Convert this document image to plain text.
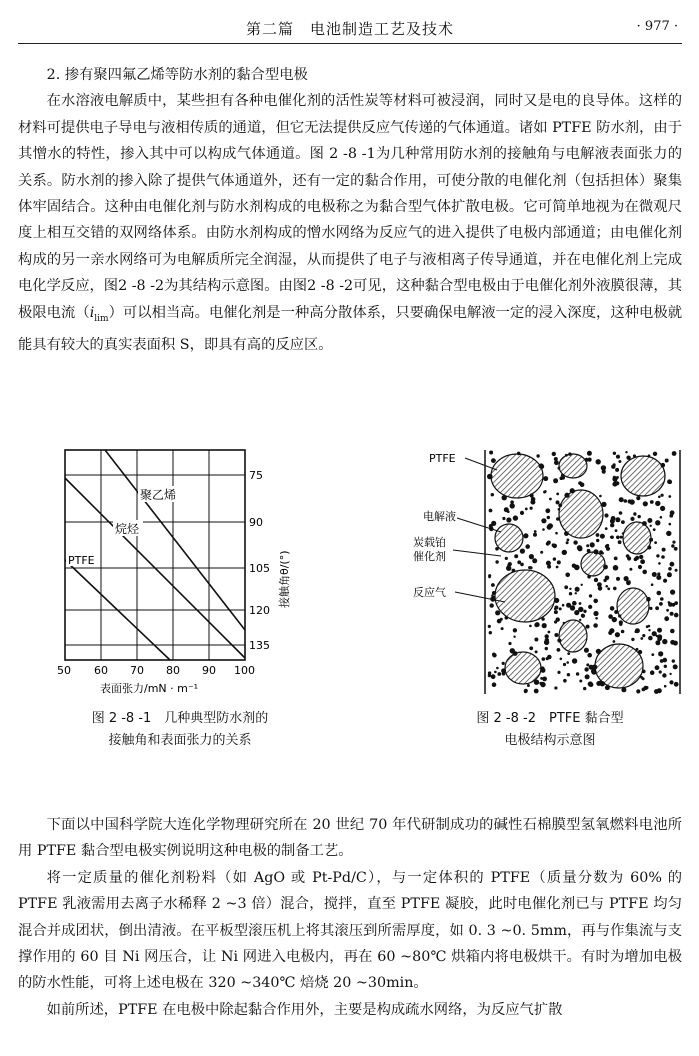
第二篇　电池制造工艺及技术	· 977 ·
2. 掺有聚四氟乙烯等防水剂的黏合型电极
在水溶液电解质中，某些担有各种电催化剂的活性炭等材料可被浸润，同时又是电的良导体。这样的材料可提供电子导电与液相传质的通道，但它无法提供反应气传递的气体通道。诸如 PTFE 防水剂，由于其憎水的特性，掺入其中可以构成气体通道。图 2 -8 -1为几种常用防水剂的接触角与电解液表面张力的关系。防水剂的掺入除了提供气体通道外，还有一定的黏合作用，可使分散的电催化剂（包括担体）聚集体牢固结合。这种由电催化剂与防水剂构成的电极称之为黏合型气体扩散电极。它可简单地视为在微观尺度上相互交错的双网络体系。由防水剂构成的憎水网络为反应气的进入提供了电极内部通道；由电催化剂构成的另一亲水网络可为电解质所完全润湿，从而提供了电子与液相离子传导通道，并在电催化剂上完成电化学反应，图2 -8 -2为其结构示意图。由图2 -8 -2可见，这种黏合型电极由于电催化剂外液膜很薄，其极限电流$(i_{lim})$可以相当高。电催化剂是一种高分散体系，只要确保电解液一定的浸入深度，这种电极就能具有较大的真实表面积 S，即具有高的反应区。
聚乙烯
烷烃
PTFE
75
90
105
120
135
接触角θ/(°)
50 60 70 80 90 100
表面张力/mN · m⁻¹
图 2 -8 -1　几种典型防水剂的
接触角和表面张力的关系
PTFE
电解液
炭载铂
催化剂
反应气
图 2 -8 -2　PTFE 黏合型
电极结构示意图
下面以中国科学院大连化学物理研究所在 20 世纪 70 年代研制成功的碱性石棉膜型氢氧燃料电池所用 PTFE 黏合型电极实例说明这种电极的制备工艺。
将一定质量的催化剂粉料（如 AgO 或 Pt-Pd/C），与一定体积的 PTFE（质量分数为 60% 的 PTFE 乳液需用去离子水稀释 2 ~3 倍）混合，搅拌，直至 PTFE 凝胶，此时电催化剂已与 PTFE 均匀混合并成团状，倒出清液。在平板型滚压机上将其滚压到所需厚度，如 0. 3 ~0. 5mm，再与作集流与支撑作用的 60 目 Ni 网压合，让 Ni 网进入电极内，再在 60 ~80℃ 烘箱内将电极烘干。有时为增加电极的防水性能，可将上述电极在 320 ~340℃ 焙烧 20 ~30min。
如前所述，PTFE 在电极中除起黏合作用外，主要是构成疏水网络，为反应气扩散
